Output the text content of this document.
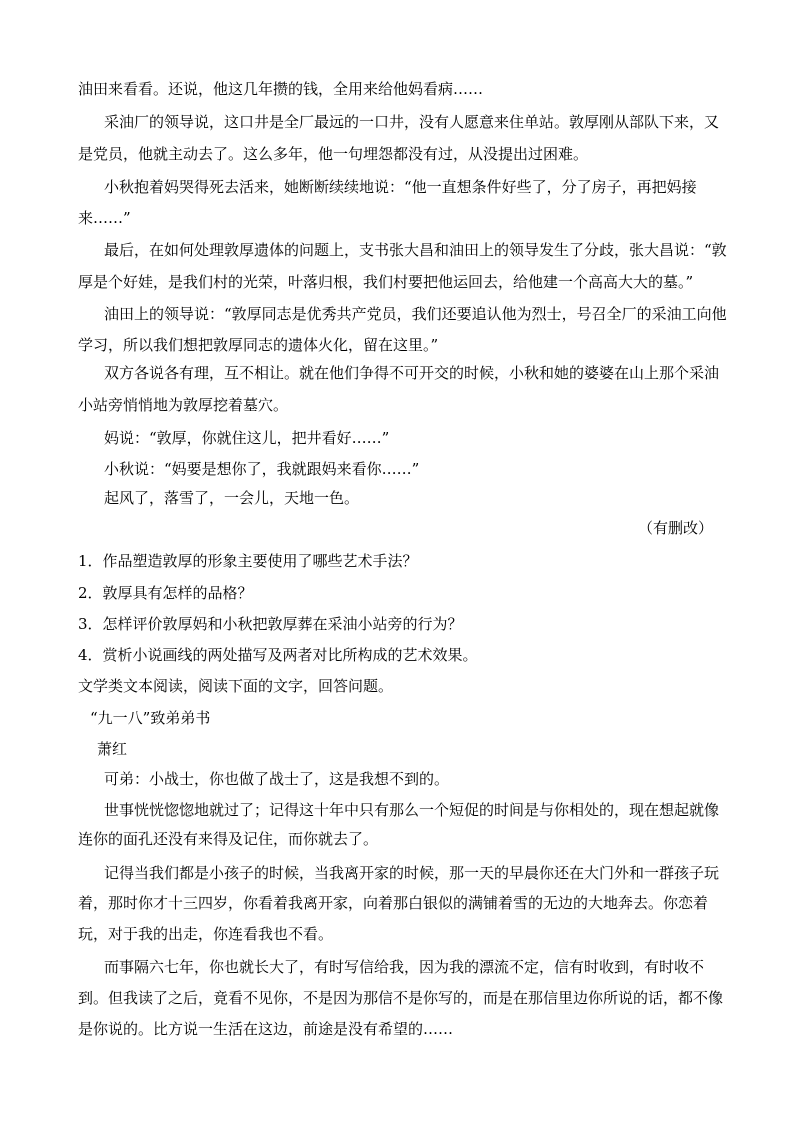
油田来看看。还说，他这几年攒的钱，全用来给他妈看病……
采油厂的领导说，这口井是全厂最远的一口井，没有人愿意来住单站。敦厚刚从部队下来，又
是党员，他就主动去了。这么多年，他一句埋怨都没有过，从没提出过困难。
小秋抱着妈哭得死去活来，她断断续续地说：“他一直想条件好些了，分了房子，再把妈接
来……”
最后，在如何处理敦厚遗体的问题上，支书张大昌和油田上的领导发生了分歧，张大昌说：“敦
厚是个好娃，是我们村的光荣，叶落归根，我们村要把他运回去，给他建一个高高大大的墓。”
油田上的领导说：“敦厚同志是优秀共产党员，我们还要追认他为烈士，号召全厂的采油工向他
学习，所以我们想把敦厚同志的遗体火化，留在这里。”
双方各说各有理，互不相让。就在他们争得不可开交的时候，小秋和她的婆婆在山上那个采油
小站旁悄悄地为敦厚挖着墓穴。
妈说：“敦厚，你就住这儿，把井看好……”
小秋说：“妈要是想你了，我就跟妈来看你……”
起风了，落雪了，一会儿，天地一色。
（有删改）
1．作品塑造敦厚的形象主要使用了哪些艺术手法？
2．敦厚具有怎样的品格？
3．怎样评价敦厚妈和小秋把敦厚葬在采油小站旁的行为？
4．赏析小说画线的两处描写及两者对比所构成的艺术效果。
文学类文本阅读，阅读下面的文字，回答问题。
“九一八”致弟弟书
萧红
可弟：小战士，你也做了战士了，这是我想不到的。
世事恍恍惚惚地就过了；记得这十年中只有那么一个短促的时间是与你相处的，现在想起就像
连你的面孔还没有来得及记住，而你就去了。
记得当我们都是小孩子的时候，当我离开家的时候，那一天的早晨你还在大门外和一群孩子玩
着，那时你才十三四岁，你看着我离开家，向着那白银似的满铺着雪的无边的大地奔去。你恋着
玩，对于我的出走，你连看我也不看。
而事隔六七年，你也就长大了，有时写信给我，因为我的漂流不定，信有时收到，有时收不
到。但我读了之后，竟看不见你，不是因为那信不是你写的，而是在那信里边你所说的话，都不像
是你说的。比方说一生活在这边，前途是没有希望的……
